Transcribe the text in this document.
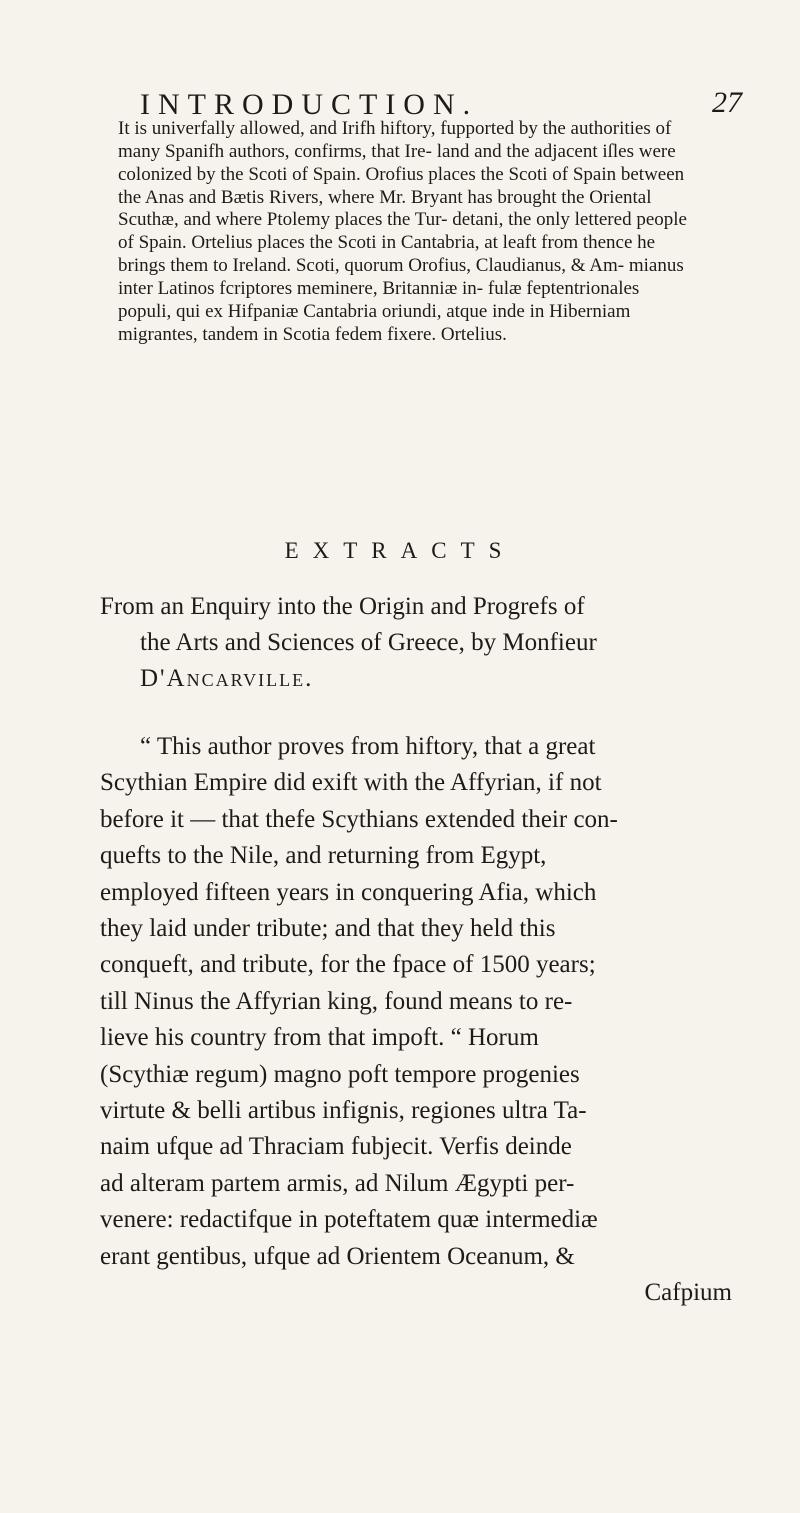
INTRODUCTION.	27

It is univerfally allowed, and Irifh hiftory, fupported by the authorities of many Spanifh authors, confirms, that Ire- land and the adjacent iſles were colonized by the Scoti of Spain. Orofius places the Scoti of Spain between the Anas and Bætis Rivers, where Mr. Bryant has brought the Oriental Scuthæ, and where Ptolemy places the Tur- detani, the only lettered people of Spain. Ortelius places the Scoti in Cantabria, at leaft from thence he brings them to Ireland. Scoti, quorum Orofius, Claudianus, & Am- mianus inter Latinos fcriptores meminere, Britanniæ in- fulæ feptentrionales populi, qui ex Hifpaniæ Cantabria oriundi, atque inde in Hiberniam migrantes, tandem in Scotia fedem fixere. Ortelius.

EXTRACTS
From an Enquiry into the Origin and Progrefs of
the Arts and Sciences of Greece, by Monfieur
D'Ancarville.
“ This author proves from hiftory, that a great
Scythian Empire did exift with the Affyrian, if not
before it — that thefe Scythians extended their con-
quefts to the Nile, and returning from Egypt,
employed fifteen years in conquering Afia, which
they laid under tribute; and that they held this
conqueft, and tribute, for the fpace of 1500 years;
till Ninus the Affyrian king, found means to re-
lieve his country from that impoft. “ Horum
(Scythiæ regum) magno poft tempore progenies
virtute & belli artibus infignis, regiones ultra Ta-
naim ufque ad Thraciam fubjecit. Verfis deinde
ad alteram partem armis, ad Nilum Ægypti per-
venere: redactifque in poteftatem quæ intermediæ
erant gentibus, ufque ad Orientem Oceanum, &
Cafpium
